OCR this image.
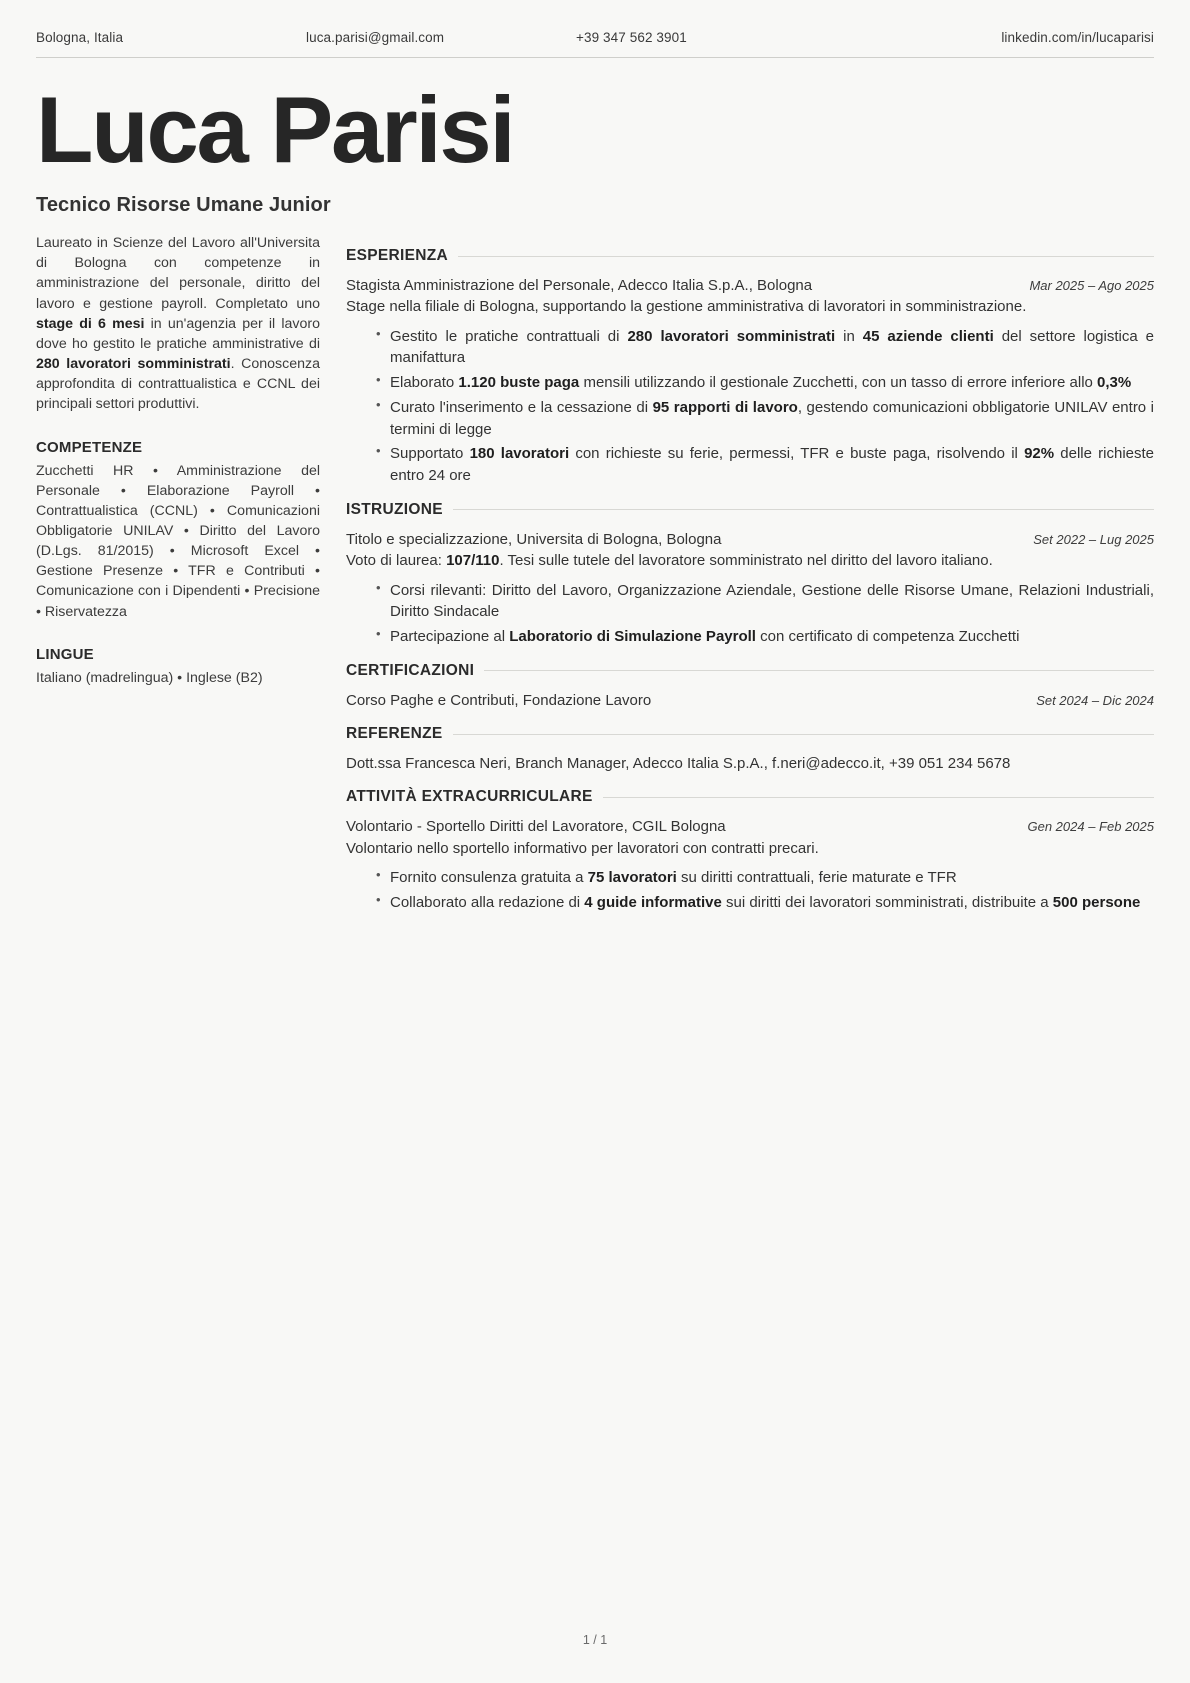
Bologna, Italia	luca.parisi@gmail.com	+39 347 562 3901	linkedin.com/in/lucaparisi
Luca Parisi
Tecnico Risorse Umane Junior

Laureato in Scienze del Lavoro all'Universita di Bologna con competenze in amministrazione del personale, diritto del lavoro e gestione payroll. Completato uno stage di 6 mesi in un'agenzia per il lavoro dove ho gestito le pratiche amministrative di 280 lavoratori somministrati. Conoscenza approfondita di contrattualistica e CCNL dei principali settori produttivi.

COMPETENZE

Zucchetti HR • Amministrazione del Personale • Elaborazione Payroll • Contrattualistica (CCNL) • Comunicazioni Obbligatorie UNILAV • Diritto del Lavoro (D.Lgs. 81/2015) • Microsoft Excel • Gestione Presenze • TFR e Contributi • Comunicazione con i Dipendenti • Precisione • Riservatezza

LINGUE

Italiano (madrelingua) • Inglese (B2)

ESPERIENZA
Stagista Amministrazione del Personale, Adecco Italia S.p.A., Bologna	Mar 2025 – Ago 2025

Stage nella filiale di Bologna, supportando la gestione amministrativa di lavoratori in somministrazione.

• Gestito le pratiche contrattuali di 280 lavoratori somministrati in 45 aziende clienti del settore logistica e manifattura
• Elaborato 1.120 buste paga mensili utilizzando il gestionale Zucchetti, con un tasso di errore inferiore allo 0,3%
• Curato l'inserimento e la cessazione di 95 rapporti di lavoro, gestendo comunicazioni obbligatorie UNILAV entro i termini di legge
• Supportato 180 lavoratori con richieste su ferie, permessi, TFR e buste paga, risolvendo il 92% delle richieste entro 24 ore
ISTRUZIONE
Titolo e specializzazione, Universita di Bologna, Bologna	Set 2022 – Lug 2025

Voto di laurea: 107/110. Tesi sulle tutele del lavoratore somministrato nel diritto del lavoro italiano.

• Corsi rilevanti: Diritto del Lavoro, Organizzazione Aziendale, Gestione delle Risorse Umane, Relazioni Industriali, Diritto Sindacale
• Partecipazione al Laboratorio di Simulazione Payroll con certificato di competenza Zucchetti
CERTIFICAZIONI
Corso Paghe e Contributi, Fondazione Lavoro	Set 2024 – Dic 2024
REFERENZE

Dott.ssa Francesca Neri, Branch Manager, Adecco Italia S.p.A., f.neri@adecco.it, +39 051 234 5678

ATTIVITÀ EXTRACURRICULARE
Volontario - Sportello Diritti del Lavoratore, CGIL Bologna	Gen 2024 – Feb 2025

Volontario nello sportello informativo per lavoratori con contratti precari.

• Fornito consulenza gratuita a 75 lavoratori su diritti contrattuali, ferie maturate e TFR
• Collaborato alla redazione di 4 guide informative sui diritti dei lavoratori somministrati, distribuite a 500 persone
1 / 1
